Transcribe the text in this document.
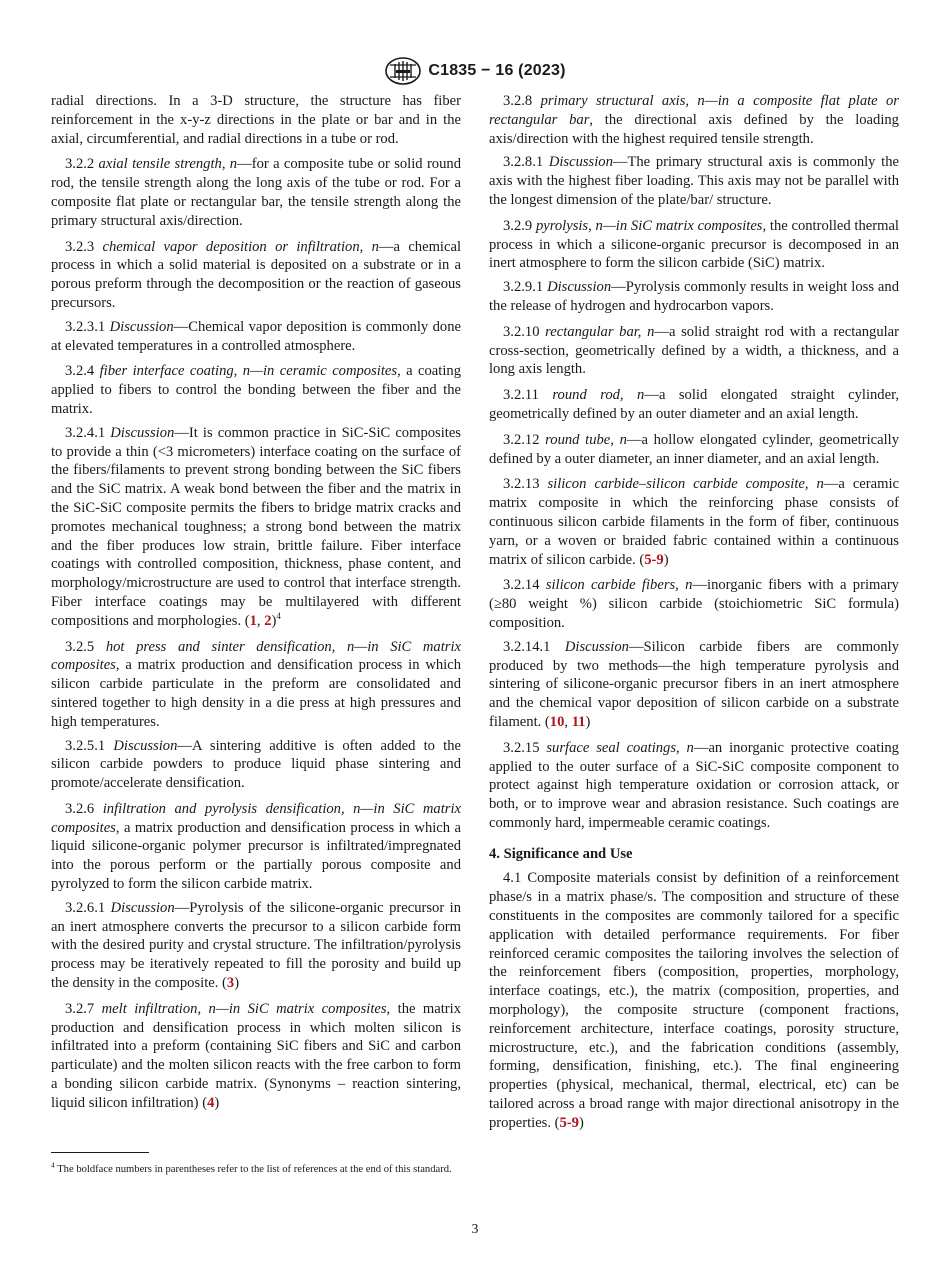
C1835 − 16 (2023)

radial directions. In a 3-D structure, the structure has fiber reinforcement in the x-y-z directions in the plate or bar and in the axial, circumferential, and radial directions in a tube or rod.

3.2.2 axial tensile strength, n—for a composite tube or solid round rod, the tensile strength along the long axis of the tube or rod. For a composite flat plate or rectangular bar, the tensile strength along the primary structural axis/direction.

3.2.3 chemical vapor deposition or infiltration, n—a chemical process in which a solid material is deposited on a substrate or in a porous preform through the decomposition or the reaction of gaseous precursors.

3.2.3.1 Discussion—Chemical vapor deposition is commonly done at elevated temperatures in a controlled atmosphere.

3.2.4 fiber interface coating, n—in ceramic composites, a coating applied to fibers to control the bonding between the fiber and the matrix.

3.2.4.1 Discussion—It is common practice in SiC-SiC composites to provide a thin (<3 micrometers) interface coating on the surface of the fibers/filaments to prevent strong bonding between the SiC fibers and the SiC matrix. A weak bond between the fiber and the matrix in the SiC-SiC composite permits the fibers to bridge matrix cracks and promotes mechanical toughness; a strong bond between the matrix and the fiber produces low strain, brittle failure. Fiber interface coatings with controlled composition, thickness, phase content, and morphology/microstructure are used to control that interface strength. Fiber interface coatings may be multilayered with different compositions and morphologies. (1, 2)$^4$

3.2.5 hot press and sinter densification, n—in SiC matrix composites, a matrix production and densification process in which silicon carbide particulate in the preform are consolidated and sintered together to high density in a die press at high pressures and high temperatures.

3.2.5.1 Discussion—A sintering additive is often added to the silicon carbide powders to produce liquid phase sintering and promote/accelerate densification.

3.2.6 infiltration and pyrolysis densification, n—in SiC matrix composites, a matrix production and densification process in which a liquid silicone-organic polymer precursor is infiltrated/impregnated into the porous perform or the partially porous composite and pyrolyzed to form the silicon carbide matrix.

3.2.6.1 Discussion—Pyrolysis of the silicone-organic precursor in an inert atmosphere converts the precursor to a silicon carbide form with the desired purity and crystal structure. The infiltration/pyrolysis process may be iteratively repeated to fill the porosity and build up the density in the composite. (3)

3.2.7 melt infiltration, n—in SiC matrix composites, the matrix production and densification process in which molten silicon is infiltrated into a preform (containing SiC fibers and SiC and carbon particulate) and the molten silicon reacts with the free carbon to form a bonding silicon carbide matrix. (Synonyms – reaction sintering, liquid silicon infiltration) (4)

$^4$ The boldface numbers in parentheses refer to the list of references at the end of this standard.

3.2.8 primary structural axis, n—in a composite flat plate or rectangular bar, the directional axis defined by the loading axis/direction with the highest required tensile strength.

3.2.8.1 Discussion—The primary structural axis is commonly the axis with the highest fiber loading. This axis may not be parallel with the longest dimension of the plate/bar/ structure.

3.2.9 pyrolysis, n—in SiC matrix composites, the controlled thermal process in which a silicone-organic precursor is decomposed in an inert atmosphere to form the silicon carbide (SiC) matrix.

3.2.9.1 Discussion—Pyrolysis commonly results in weight loss and the release of hydrogen and hydrocarbon vapors.

3.2.10 rectangular bar, n—a solid straight rod with a rectangular cross-section, geometrically defined by a width, a thickness, and a long axis length.

3.2.11 round rod, n—a solid elongated straight cylinder, geometrically defined by an outer diameter and an axial length.

3.2.12 round tube, n—a hollow elongated cylinder, geometrically defined by a outer diameter, an inner diameter, and an axial length.

3.2.13 silicon carbide–silicon carbide composite, n—a ceramic matrix composite in which the reinforcing phase consists of continuous silicon carbide filaments in the form of fiber, continuous yarn, or a woven or braided fabric contained within a continuous matrix of silicon carbide. (5-9)

3.2.14 silicon carbide fibers, n—inorganic fibers with a primary (≥80 weight %) silicon carbide (stoichiometric SiC formula) composition.

3.2.14.1 Discussion—Silicon carbide fibers are commonly produced by two methods—the high temperature pyrolysis and sintering of silicone-organic precursor fibers in an inert atmosphere and the chemical vapor deposition of silicon carbide on a substrate filament. (10, 11)

3.2.15 surface seal coatings, n—an inorganic protective coating applied to the outer surface of a SiC-SiC composite component to protect against high temperature oxidation or corrosion attack, or both, or to improve wear and abrasion resistance. Such coatings are commonly hard, impermeable ceramic coatings.

4. Significance and Use

4.1 Composite materials consist by definition of a reinforcement phase/s in a matrix phase/s. The composition and structure of these constituents in the composites are commonly tailored for a specific application with detailed performance requirements. For fiber reinforced ceramic composites the tailoring involves the selection of the reinforcement fibers (composition, properties, morphology, interface coatings, etc.), the matrix (composition, properties, and morphology), the composite structure (component fractions, reinforcement architecture, interface coatings, porosity structure, microstructure, etc.), and the fabrication conditions (assembly, forming, densification, finishing, etc.). The final engineering properties (physical, mechanical, thermal, electrical, etc) can be tailored across a broad range with major directional anisotropy in the properties. (5-9)

3
